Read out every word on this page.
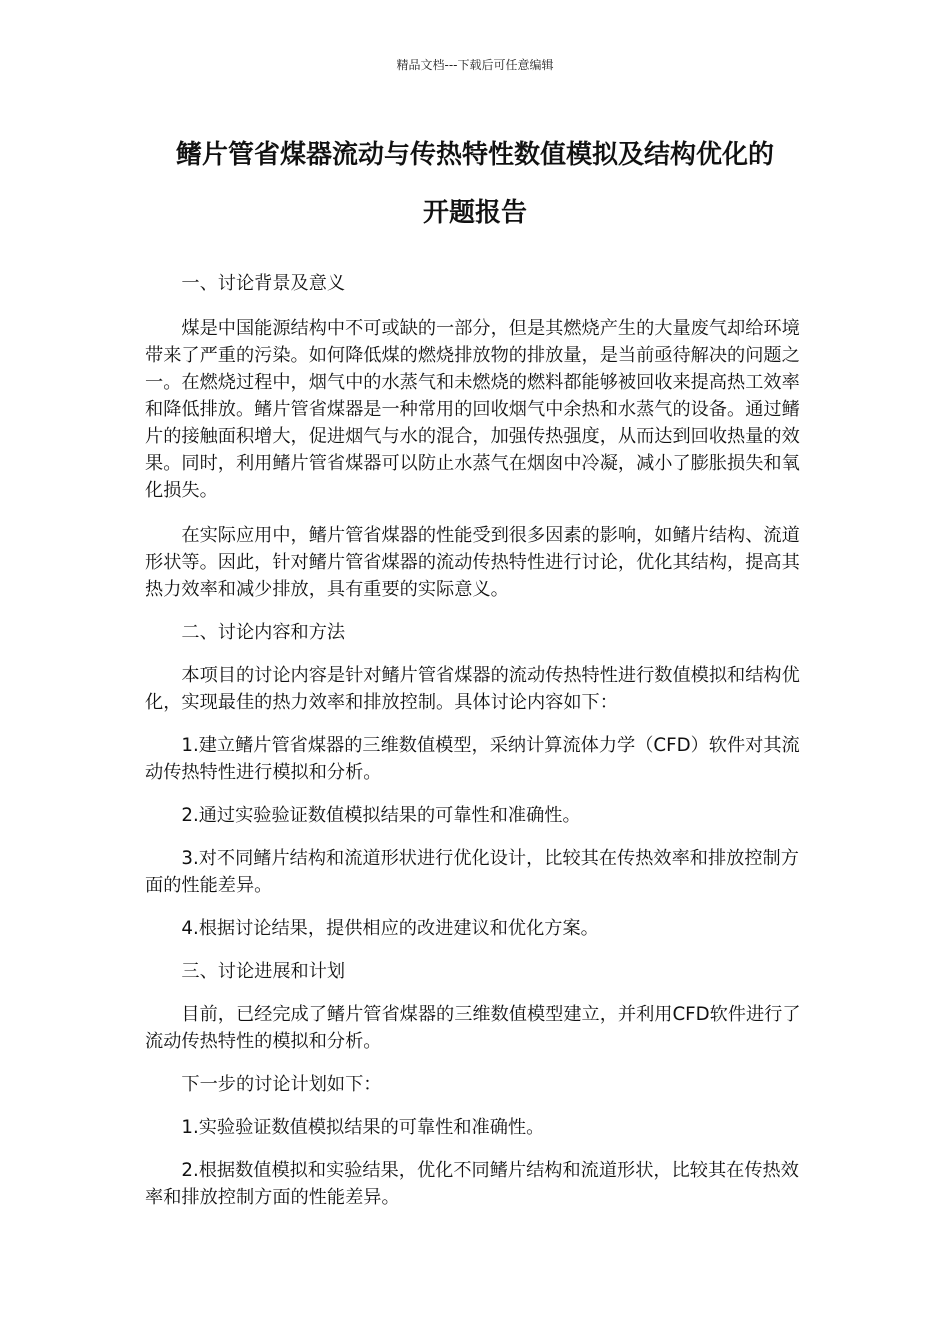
精品文档---下载后可任意编辑
鳍片管省煤器流动与传热特性数值模拟及结构优化的
开题报告

一、讨论背景及意义

煤是中国能源结构中不可或缺的一部分，但是其燃烧产生的大量废气却给环境带来了严重的污染。如何降低煤的燃烧排放物的排放量，是当前亟待解决的问题之一。在燃烧过程中，烟气中的水蒸气和未燃烧的燃料都能够被回收来提高热工效率和降低排放。鳍片管省煤器是一种常用的回收烟气中余热和水蒸气的设备。通过鳍片的接触面积增大，促进烟气与水的混合，加强传热强度，从而达到回收热量的效果。同时，利用鳍片管省煤器可以防止水蒸气在烟囱中冷凝，减小了膨胀损失和氧化损失。

在实际应用中，鳍片管省煤器的性能受到很多因素的影响，如鳍片结构、流道形状等。因此，针对鳍片管省煤器的流动传热特性进行讨论，优化其结构，提高其热力效率和减少排放，具有重要的实际意义。

二、讨论内容和方法

本项目的讨论内容是针对鳍片管省煤器的流动传热特性进行数值模拟和结构优化，实现最佳的热力效率和排放控制。具体讨论内容如下：

1.建立鳍片管省煤器的三维数值模型，采纳计算流体力学（CFD）软件对其流动传热特性进行模拟和分析。

2.通过实验验证数值模拟结果的可靠性和准确性。

3.对不同鳍片结构和流道形状进行优化设计，比较其在传热效率和排放控制方面的性能差异。

4.根据讨论结果，提供相应的改进建议和优化方案。

三、讨论进展和计划

目前，已经完成了鳍片管省煤器的三维数值模型建立，并利用CFD软件进行了流动传热特性的模拟和分析。

下一步的讨论计划如下：

1.实验验证数值模拟结果的可靠性和准确性。

2.根据数值模拟和实验结果，优化不同鳍片结构和流道形状，比较其在传热效率和排放控制方面的性能差异。
